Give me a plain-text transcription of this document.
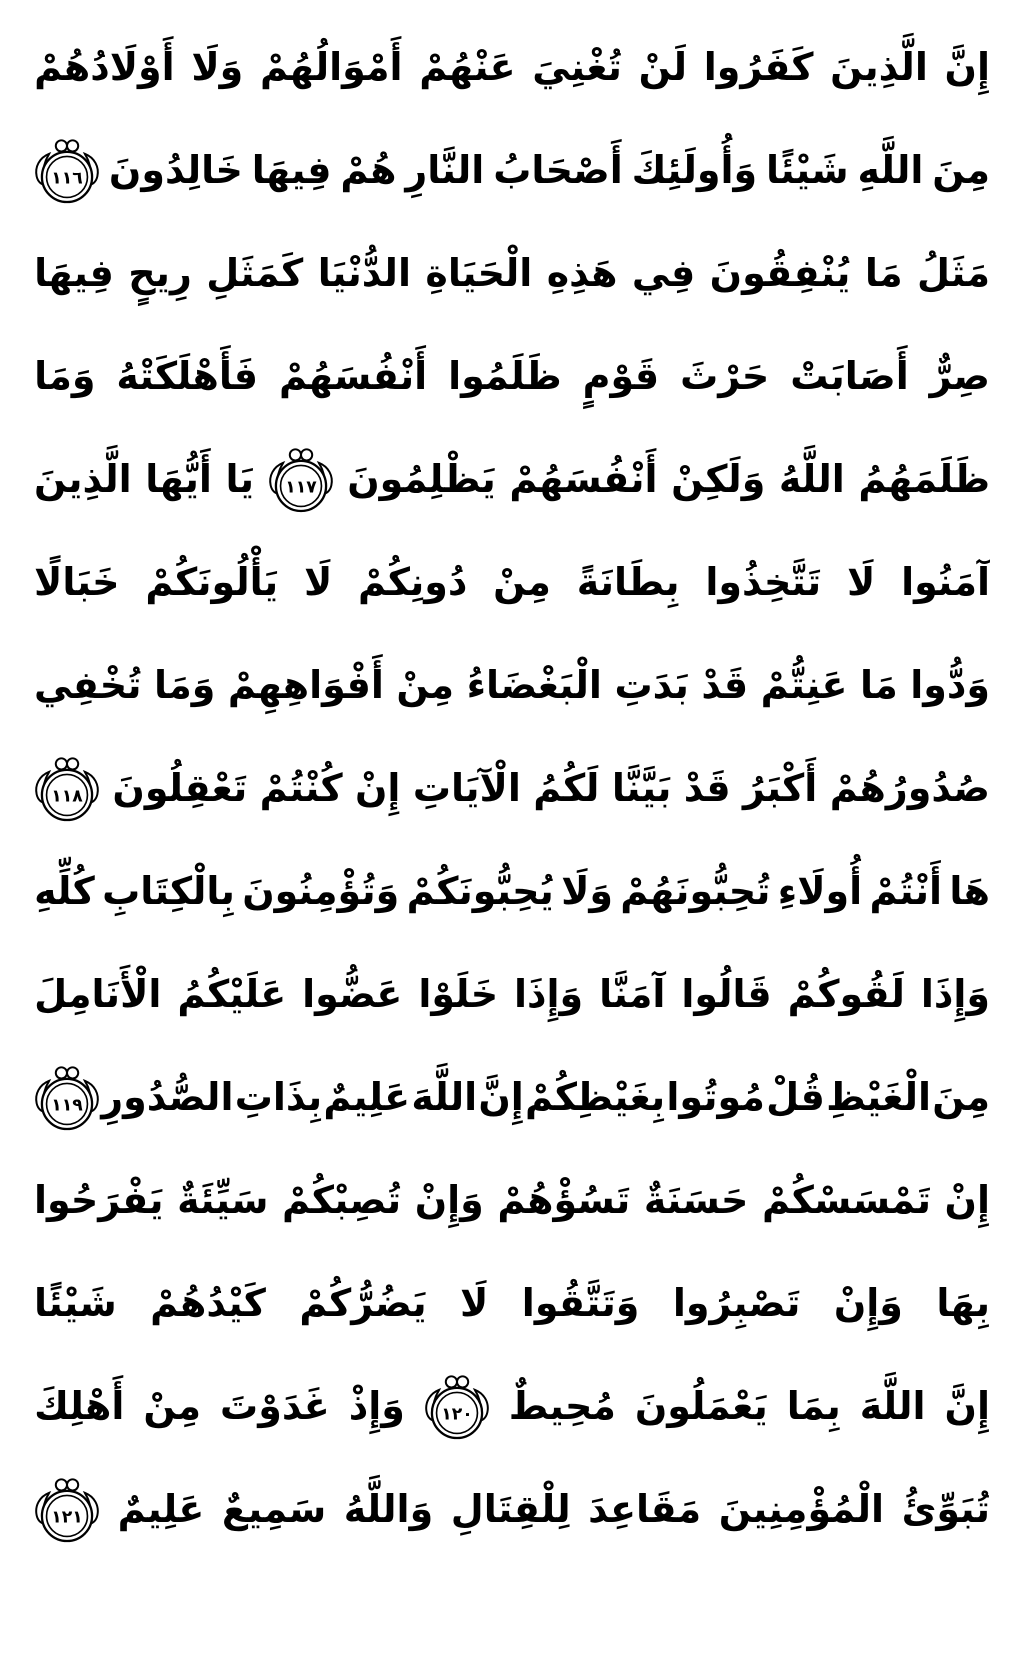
إِنَّ
الَّذِينَ
كَفَرُوا
لَنْ
تُغْنِيَ
عَنْهُمْ
أَمْوَالُهُمْ
وَلَا
أَوْلَادُهُمْ
مِنَ
اللَّهِ
شَيْئًا
وَأُولَئِكَ
أَصْحَابُ
النَّارِ
هُمْ
فِيهَا
خَالِدُونَ
١١٦
مَثَلُ
مَا
يُنْفِقُونَ
فِي
هَذِهِ
الْحَيَاةِ
الدُّنْيَا
كَمَثَلِ
رِيحٍ
فِيهَا
صِرٌّ
أَصَابَتْ
حَرْثَ
قَوْمٍ
ظَلَمُوا
أَنْفُسَهُمْ
فَأَهْلَكَتْهُ
وَمَا
ظَلَمَهُمُ
اللَّهُ
وَلَكِنْ
أَنْفُسَهُمْ
يَظْلِمُونَ
١١٧
يَا
أَيُّهَا
الَّذِينَ
آمَنُوا
لَا
تَتَّخِذُوا
بِطَانَةً
مِنْ
دُونِكُمْ
لَا
يَأْلُونَكُمْ
خَبَالًا
وَدُّوا
مَا
عَنِتُّمْ
قَدْ
بَدَتِ
الْبَغْضَاءُ
مِنْ
أَفْوَاهِهِمْ
وَمَا
تُخْفِي
صُدُورُهُمْ
أَكْبَرُ
قَدْ
بَيَّنَّا
لَكُمُ
الْآيَاتِ
إِنْ
كُنْتُمْ
تَعْقِلُونَ
١١٨
هَا
أَنْتُمْ
أُولَاءِ
تُحِبُّونَهُمْ
وَلَا
يُحِبُّونَكُمْ
وَتُؤْمِنُونَ
بِالْكِتَابِ
كُلِّهِ
وَإِذَا
لَقُوكُمْ
قَالُوا
آمَنَّا
وَإِذَا
خَلَوْا
عَضُّوا
عَلَيْكُمُ
الْأَنَامِلَ
مِنَ
الْغَيْظِ
قُلْ
مُوتُوا
بِغَيْظِكُمْ
إِنَّ
اللَّهَ
عَلِيمٌ
بِذَاتِ
الصُّدُورِ
١١٩
إِنْ
تَمْسَسْكُمْ
حَسَنَةٌ
تَسُؤْهُمْ
وَإِنْ
تُصِبْكُمْ
سَيِّئَةٌ
يَفْرَحُوا
بِهَا
وَإِنْ
تَصْبِرُوا
وَتَتَّقُوا
لَا
يَضُرُّكُمْ
كَيْدُهُمْ
شَيْئًا
إِنَّ
اللَّهَ
بِمَا
يَعْمَلُونَ
مُحِيطٌ
١٢٠
وَإِذْ
غَدَوْتَ
مِنْ
أَهْلِكَ
تُبَوِّئُ
الْمُؤْمِنِينَ
مَقَاعِدَ
لِلْقِتَالِ
وَاللَّهُ
سَمِيعٌ
عَلِيمٌ
١٢١
